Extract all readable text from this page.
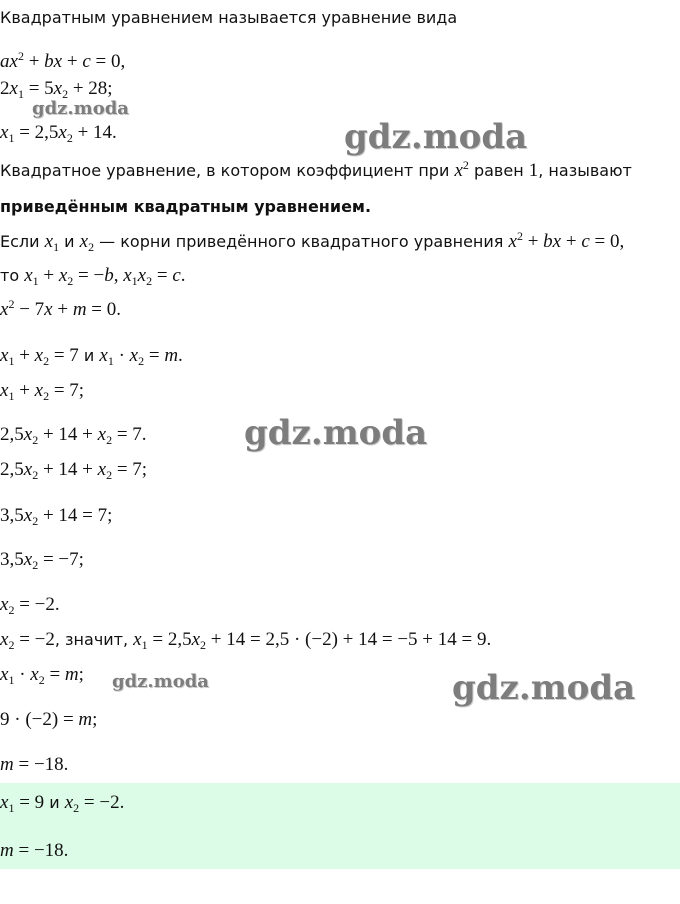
Квадратным уравнением называется уравнение вида
$ax^2$ + bx + c = 0,
$2x_1 = 5x_2 + 28$;
$x_1 = 2,5x_2 + 14$.
Квадратное уравнение, в котором коэффициент при $x^2$ равен 1, называют
приведённым квадратным уравнением.
Если $x_1$ и $x_2$ — корни приведённого квадратного уравнения $x^2$ + bx + c = 0,
то $x_1 + x_2 = -b$, $x_1x_2 = c$.
$x^2 - 7x + m = 0$.
$x_1 + x_2 = 7$ и $x_1 \cdot x_2 = m$.
$x_1 + x_2 = 7$;
$2,5x_2 + 14 + x_2 = 7$.
$2,5x_2 + 14 + x_2 = 7$;
$3,5x_2 + 14 = 7$;
$3,5x_2 = -7$;
$x_2 = -2$.
$x_2 = -2$, значит, $x_1 = 2,5x_2 + 14 = 2,5 \cdot (-2) + 14 = -5 + 14 = 9$.
$x_1 \cdot x_2 = m$;
9 · (−2) = m;
m = −18.
$x_1 = 9$ и $x_2 = -2$.
m = −18.
gdz.moda
gdz.moda
gdz.moda
gdz.moda	gdz.moda
